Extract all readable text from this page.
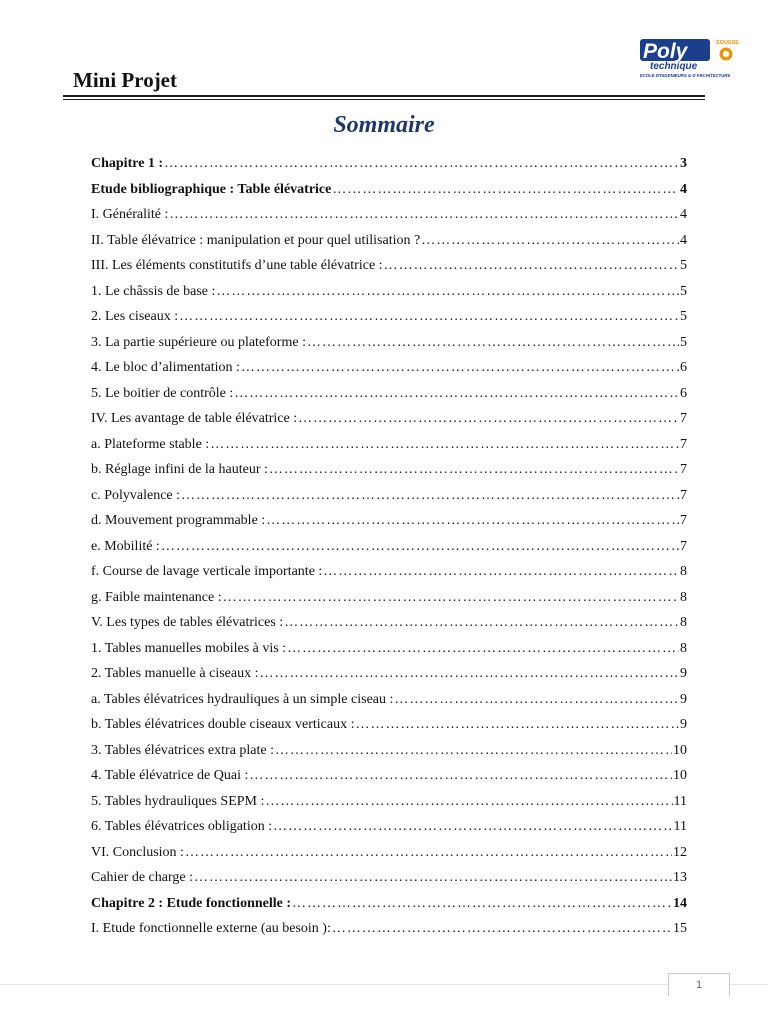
Mini Projet
Poly	SOUSSE
technique
ECOLE D'INGENIEURS & D'ARCHITECTURE
Sommaire
Chapitre 1 : ……………………………………………………………………………………………………………………………………………………………………………………………………	3
Etude bibliographique : Table élévatrice ……………………………………………………………………………………………………………………………………………………………………………………………………	4
I. Généralité : ……………………………………………………………………………………………………………………………………………………………………………………………………	4
II. Table élévatrice : manipulation et pour quel utilisation ? ……………………………………………………………………………………………………………………………………………………………………………………………………	4
III. Les éléments constitutifs d’une table élévatrice : ……………………………………………………………………………………………………………………………………………………………………………………………………	5
1. Le châssis de base : ……………………………………………………………………………………………………………………………………………………………………………………………………	5
2. Les ciseaux : ……………………………………………………………………………………………………………………………………………………………………………………………………	5
3. La partie supérieure ou plateforme : ……………………………………………………………………………………………………………………………………………………………………………………………………	5
4. Le bloc d’alimentation : ……………………………………………………………………………………………………………………………………………………………………………………………………	6
5. Le boitier de contrôle : ……………………………………………………………………………………………………………………………………………………………………………………………………	6
IV. Les avantage de table élévatrice : ……………………………………………………………………………………………………………………………………………………………………………………………………	7
a. Plateforme stable : ……………………………………………………………………………………………………………………………………………………………………………………………………	7
b. Réglage infini de la hauteur : ……………………………………………………………………………………………………………………………………………………………………………………………………	7
c. Polyvalence : ……………………………………………………………………………………………………………………………………………………………………………………………………	7
d. Mouvement programmable : ……………………………………………………………………………………………………………………………………………………………………………………………………	7
e. Mobilité : ……………………………………………………………………………………………………………………………………………………………………………………………………	7
f. Course de lavage verticale importante : ……………………………………………………………………………………………………………………………………………………………………………………………………	8
g. Faible maintenance : ……………………………………………………………………………………………………………………………………………………………………………………………………	8
V. Les types de tables élévatrices : ……………………………………………………………………………………………………………………………………………………………………………………………………	8
1. Tables manuelles mobiles à vis : ……………………………………………………………………………………………………………………………………………………………………………………………………	8
2. Tables manuelle à ciseaux : ……………………………………………………………………………………………………………………………………………………………………………………………………	9
a. Tables élévatrices hydrauliques à un simple ciseau : ……………………………………………………………………………………………………………………………………………………………………………………………………	9
b. Tables élévatrices double ciseaux verticaux : ……………………………………………………………………………………………………………………………………………………………………………………………………	9
3. Tables élévatrices extra plate : ……………………………………………………………………………………………………………………………………………………………………………………………………	10
4. Table élévatrice de Quai : ……………………………………………………………………………………………………………………………………………………………………………………………………	10
5. Tables hydrauliques SEPM : ……………………………………………………………………………………………………………………………………………………………………………………………………	11
6. Tables élévatrices obligation : ……………………………………………………………………………………………………………………………………………………………………………………………………	11
VI. Conclusion : ……………………………………………………………………………………………………………………………………………………………………………………………………	12
Cahier de charge : ……………………………………………………………………………………………………………………………………………………………………………………………………	13
Chapitre 2 : Etude fonctionnelle : ……………………………………………………………………………………………………………………………………………………………………………………………………	14
I. Etude fonctionnelle externe (au besoin ): ……………………………………………………………………………………………………………………………………………………………………………………………………	15
1
